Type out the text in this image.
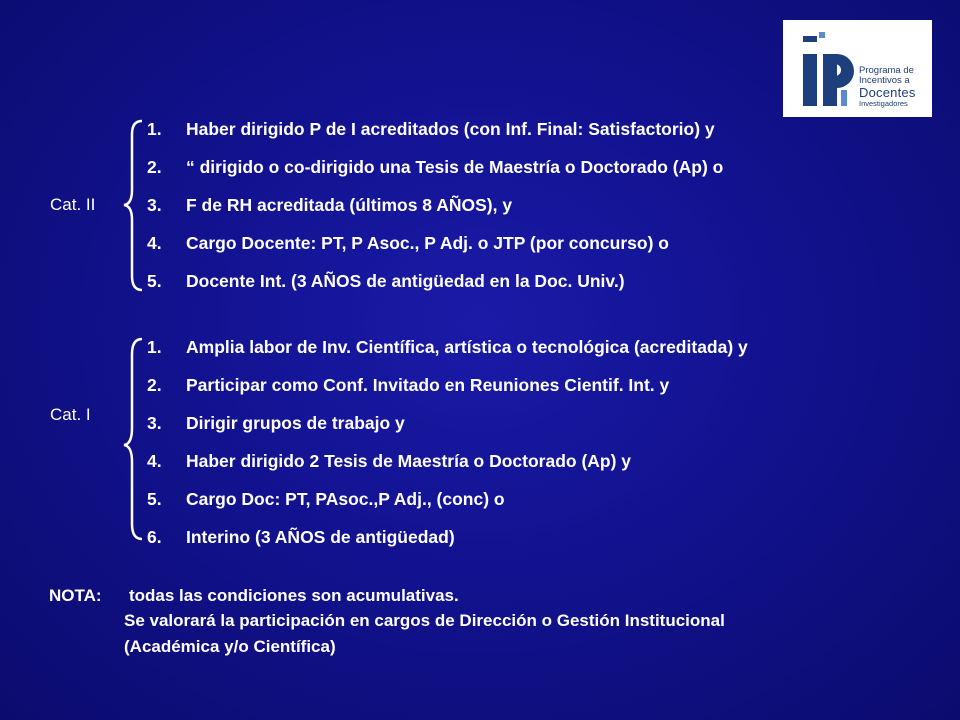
Programa de
Incentivos a
Docentes
Investigadores
Cat. II
1.	Haber dirigido P de I acreditados (con Inf. Final: Satisfactorio) y
2.	“ dirigido o co-dirigido una Tesis de Maestría o Doctorado (Ap) o
3.	F de RH acreditada (últimos 8 AÑOS), y
4.	Cargo Docente: PT, P Asoc., P Adj. o JTP (por concurso) o
5.	Docente Int. (3 AÑOS de antigüedad en la Doc. Univ.)
Cat. I
1.	Amplia labor de Inv. Científica, artística o tecnológica (acreditada) y
2.	Participar como Conf. Invitado en Reuniones Cientif. Int. y
3.	Dirigir grupos de trabajo y
4.	Haber dirigido 2 Tesis de Maestría o Doctorado (Ap) y
5.	Cargo Doc: PT, PAsoc.,P Adj., (conc) o
6.	Interino (3 AÑOS de antigüedad)
NOTA: todas las condiciones son acumulativas.
Se valorará la participación en cargos de Dirección o Gestión Institucional
(Académica y/o Científica)
